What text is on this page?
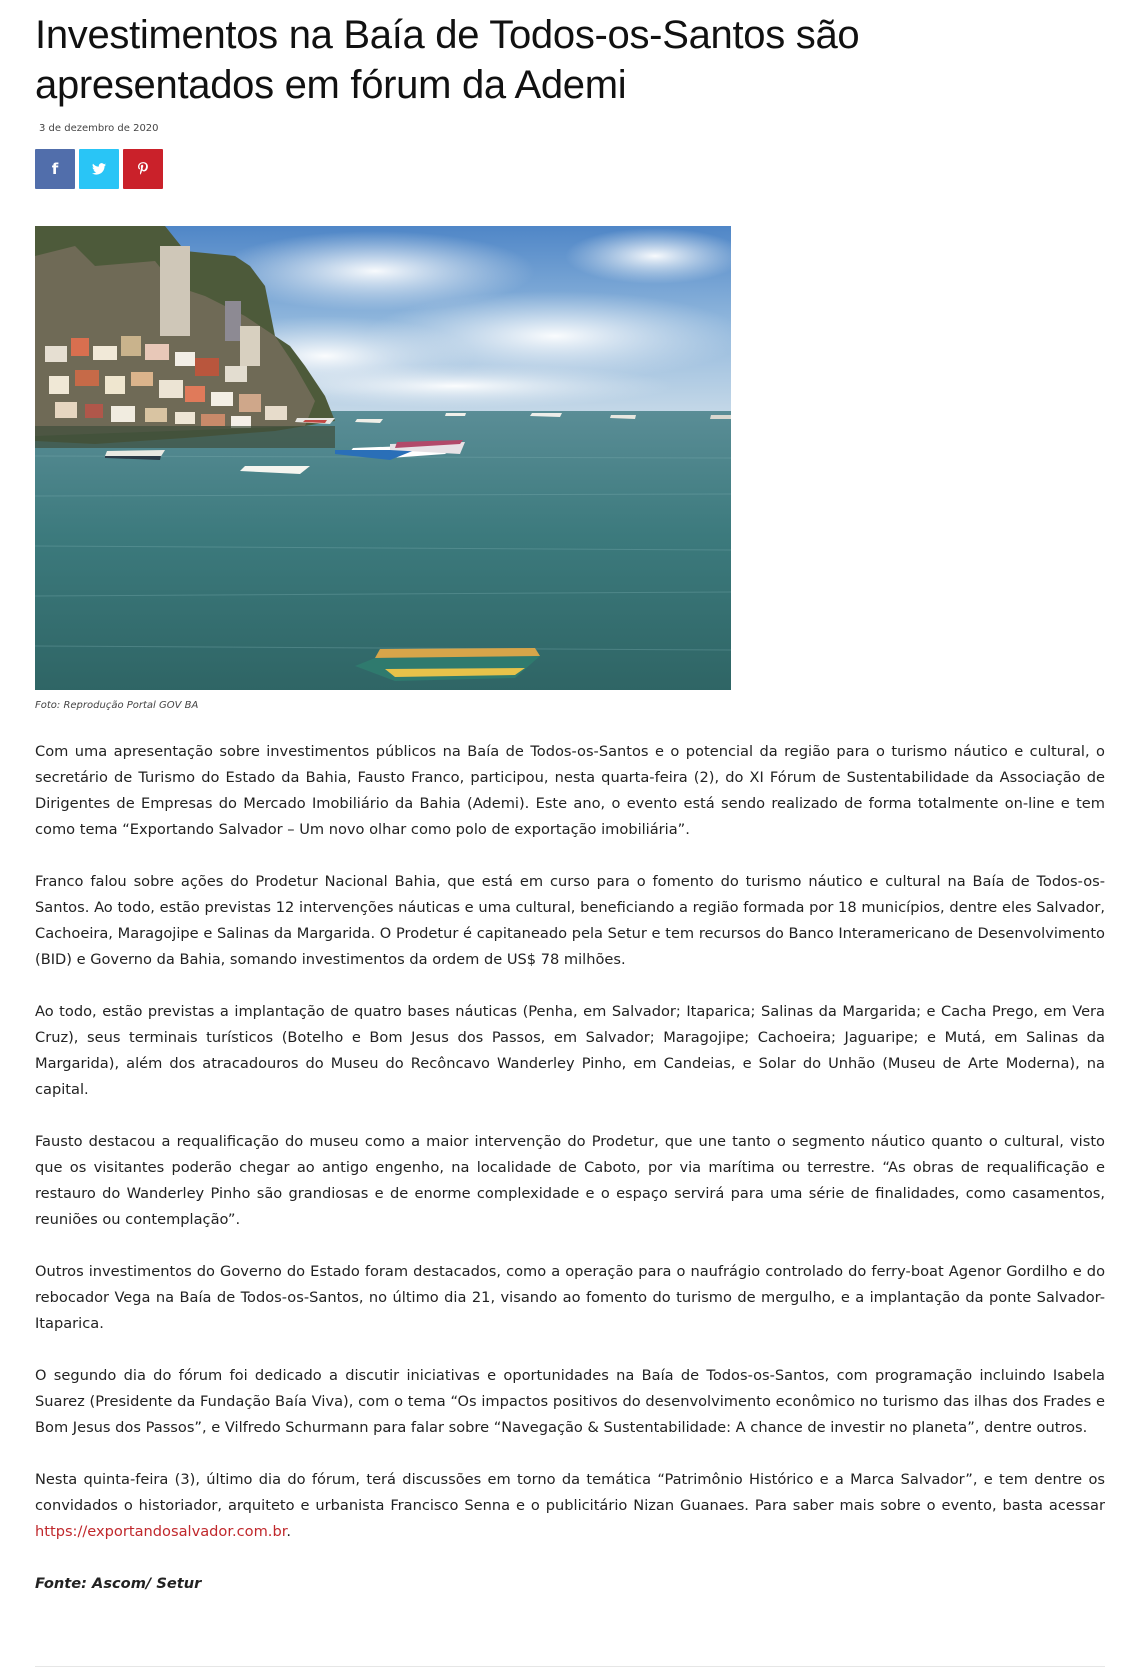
Investimentos na Baía de Todos-os-Santos são apresentados em fórum da Ademi
3 de dezembro de 2020
f
Foto: Reprodução Portal GOV BA

Com uma apresentação sobre investimentos públicos na Baía de Todos-os-Santos e o potencial da região para o turismo náutico e cultural, o secretário de Turismo do Estado da Bahia, Fausto Franco, participou, nesta quarta-feira (2), do XI Fórum de Sustentabilidade da Associação de Dirigentes de Empresas do Mercado Imobiliário da Bahia (Ademi). Este ano, o evento está sendo realizado de forma totalmente on-line e tem como tema “Exportando Salvador – Um novo olhar como polo de exportação imobiliária”.

Franco falou sobre ações do Prodetur Nacional Bahia, que está em curso para o fomento do turismo náutico e cultural na Baía de Todos-os-Santos. Ao todo, estão previstas 12 intervenções náuticas e uma cultural, beneficiando a região formada por 18 municípios, dentre eles Salvador, Cachoeira, Maragojipe e Salinas da Margarida. O Prodetur é capitaneado pela Setur e tem recursos do Banco Interamericano de Desenvolvimento (BID) e Governo da Bahia, somando investimentos da ordem de US$ 78 milhões.

Ao todo, estão previstas a implantação de quatro bases náuticas (Penha, em Salvador; Itaparica; Salinas da Margarida; e Cacha Prego, em Vera Cruz), seus terminais turísticos (Botelho e Bom Jesus dos Passos, em Salvador; Maragojipe; Cachoeira; Jaguaripe; e Mutá, em Salinas da Margarida), além dos atracadouros do Museu do Recôncavo Wanderley Pinho, em Candeias, e Solar do Unhão (Museu de Arte Moderna), na capital.

Fausto destacou a requalificação do museu como a maior intervenção do Prodetur, que une tanto o segmento náutico quanto o cultural, visto que os visitantes poderão chegar ao antigo engenho, na localidade de Caboto, por via marítima ou terrestre. “As obras de requalificação e restauro do Wanderley Pinho são grandiosas e de enorme complexidade e o espaço servirá para uma série de finalidades, como casamentos, reuniões ou contemplação”.

Outros investimentos do Governo do Estado foram destacados, como a operação para o naufrágio controlado do ferry-boat Agenor Gordilho e do rebocador Vega na Baía de Todos-os-Santos, no último dia 21, visando ao fomento do turismo de mergulho, e a implantação da ponte Salvador-Itaparica.

O segundo dia do fórum foi dedicado a discutir iniciativas e oportunidades na Baía de Todos-os-Santos, com programação incluindo Isabela Suarez (Presidente da Fundação Baía Viva), com o tema “Os impactos positivos do desenvolvimento econômico no turismo das ilhas dos Frades e Bom Jesus dos Passos”, e Vilfredo Schurmann para falar sobre “Navegação & Sustentabilidade: A chance de investir no planeta”, dentre outros.

Nesta quinta-feira (3), último dia do fórum, terá discussões em torno da temática “Patrimônio Histórico e a Marca Salvador”, e tem dentre os convidados o historiador, arquiteto e urbanista Francisco Senna e o publicitário Nizan Guanaes. Para saber mais sobre o evento, basta acessar https://exportandosalvador.com.br.

Fonte: Ascom/ Setur
